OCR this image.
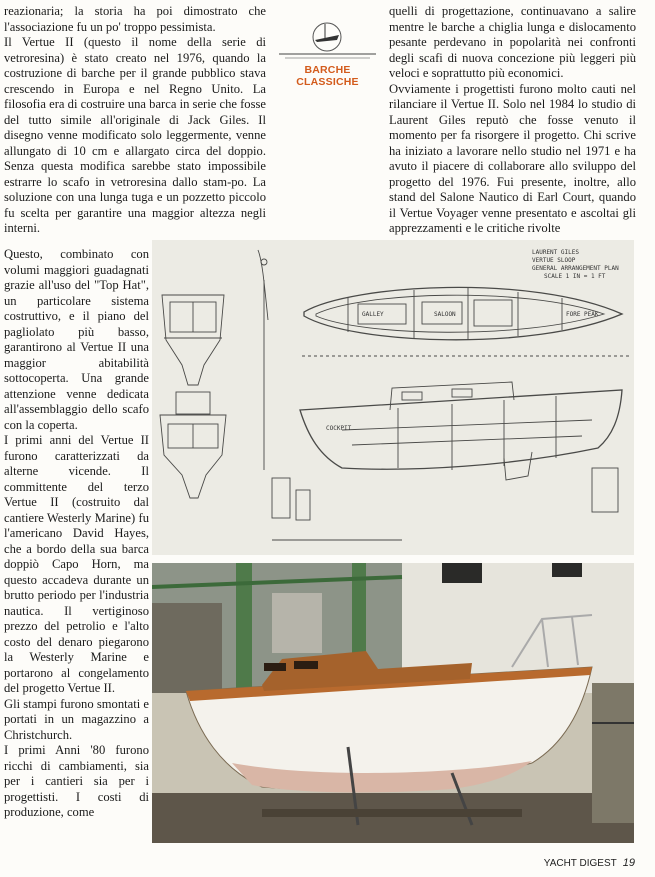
reazionaria; la storia ha poi dimostrato che l'associazione fu un po' troppo pessimista.

Il Vertue II (questo il nome della serie di vetroresina) è stato creato nel 1976, quando la costruzione di barche per il grande pubblico stava crescendo in Europa e nel Regno Unito. La filosofia era di costruire una barca in serie che fosse del tutto simile all'originale di Jack Giles. Il disegno venne modificato solo leggermente, venne allungato di 10 cm e allargato circa del doppio. Senza questa modifica sarebbe stato impossibile estrarre lo scafo in vetroresina dallo stam-po. La soluzione con una lunga tuga e un pozzetto piccolo fu scelta per garantire una maggior altezza negli interni.

BARCHE CLASSICHE

quelli di progettazione, continuavano a salire mentre le barche a chiglia lunga e dislocamento pesante perdevano in popolarità nei confronti degli scafi di nuova concezione più leggeri più veloci e soprattutto più economici.

Ovviamente i progettisti furono molto cauti nel rilanciare il Vertue II. Solo nel 1984 lo studio di Laurent Giles reputò che fosse venuto il momento per fa risorgere il progetto. Chi scrive ha iniziato a lavorare nello studio nel 1971 e ha avuto il piacere di collaborare allo sviluppo del progetto del 1976. Fui presente, inoltre, allo stand del Salone Nautico di Earl Court, quando il Vertue Voyager venne presentato e ascoltai gli apprezzamenti e le critiche rivolte

Questo, combinato con volumi maggiori guadagnati grazie all'uso del "Top Hat", un particolare sistema costruttivo, e il piano del pagliolato più basso, garantirono al Vertue II una maggior abitabilità sottocoperta. Una grande attenzione venne dedicata all'assemblaggio dello scafo con la coperta.

I primi anni del Vertue II furono caratterizzati da alterne vicende. Il committente del terzo Vertue II (costruito dal cantiere Westerly Marine) fu l'americano David Hayes, che a bordo della sua barca doppiò Capo Horn, ma questo accadeva durante un brutto periodo per l'industria nautica. Il vertiginoso prezzo del petrolio e l'alto costo del denaro piegarono la Westerly Marine e portarono al congelamento del progetto Vertue II.

Gli stampi furono smontati e portati in un magazzino a Christchurch.

I primi Anni '80 furono ricchi di cambiamenti, sia per i cantieri sia per i progettisti. I costi di produzione, come

LAURENT GILES
VERTUE SLOOP
GENERAL ARRANGEMENT PLAN
SCALE 1 IN = 1 FT
SALOON	FORE PEAK
GALLEY
COCKPIT
YACHT DIGEST 19
